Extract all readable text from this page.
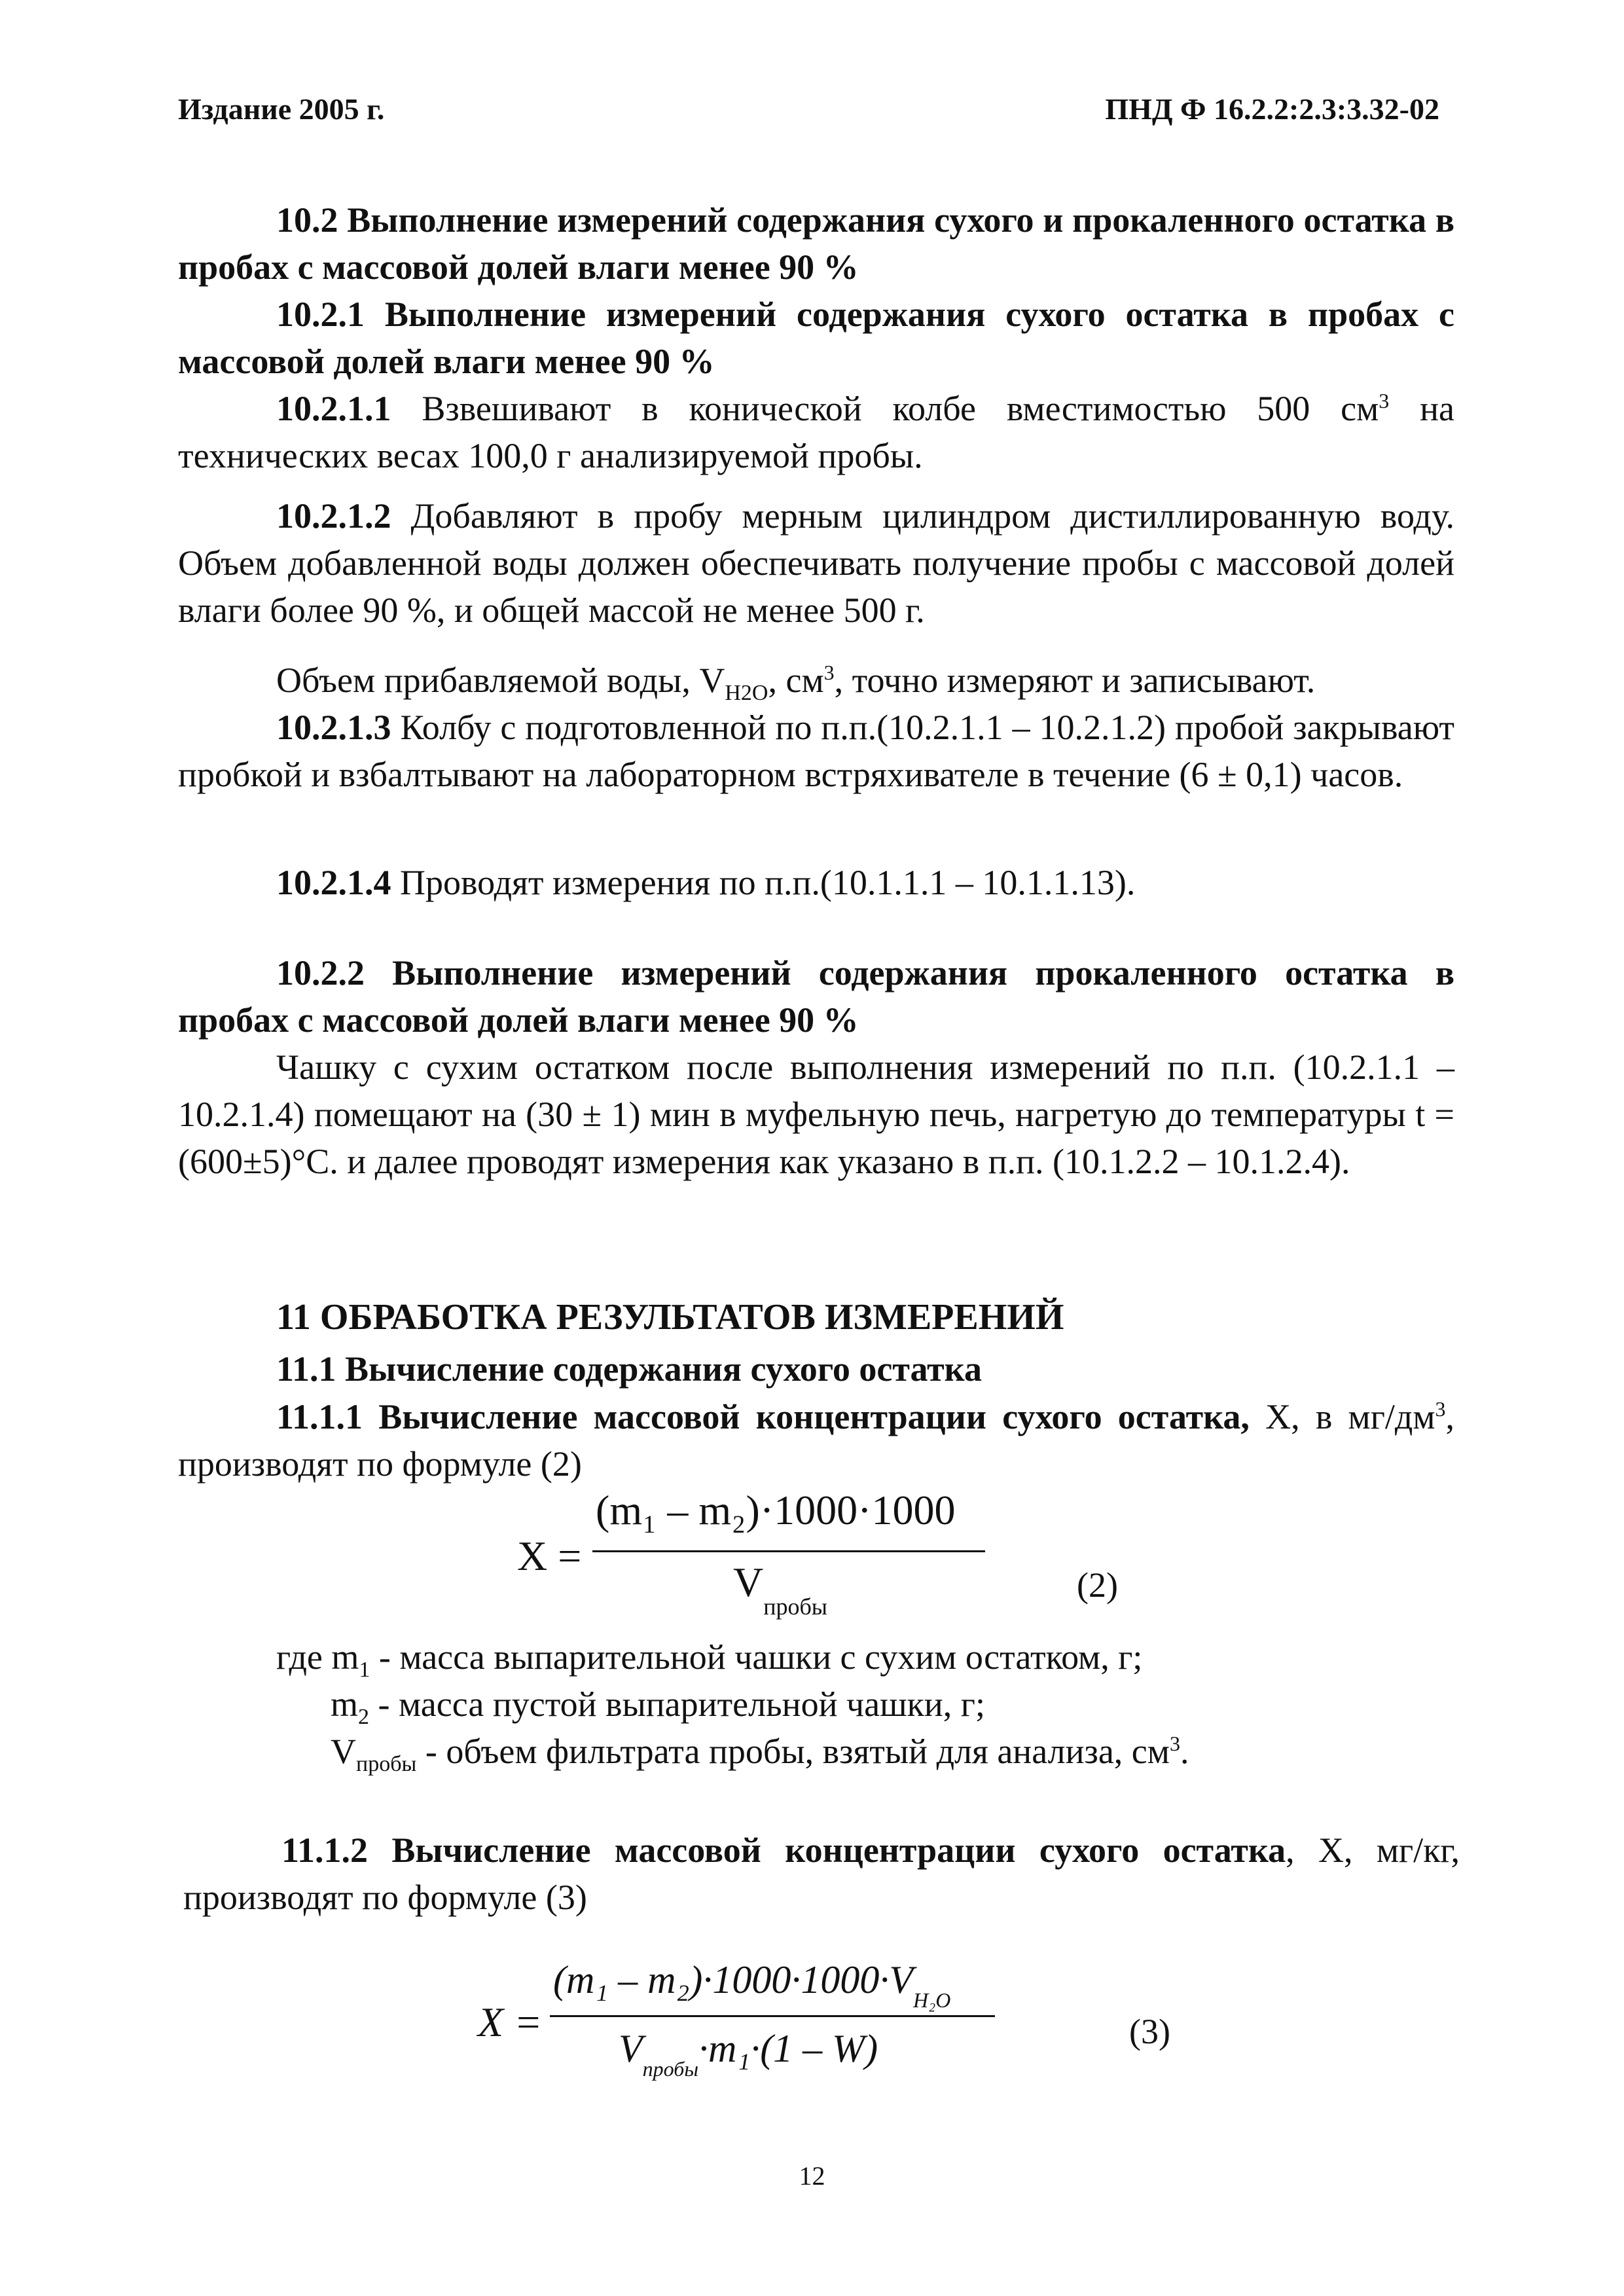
Издание 2005 г.	ПНД Ф 16.2.2:2.3:3.32-02
10.2 Выполнение измерений содержания сухого и прокаленного остатка в пробах с массовой долей влаги менее 90 %
10.2.1 Выполнение измерений содержания сухого остатка в пробах с массовой долей влаги менее 90 %
10.2.1.1 Взвешивают в конической колбе вместимостью 500 $см^3$ на технических весах 100,0 г анализируемой пробы.
10.2.1.2 Добавляют в пробу мерным цилиндром дистиллированную воду. Объем добавленной воды должен обеспечивать получение пробы с массовой долей влаги более 90 %, и общей массой не менее 500 г.
Объем прибавляемой воды, $V_{H2O}$, $см^3$, точно измеряют и записывают.
10.2.1.3 Колбу с подготовленной по п.п.(10.2.1.1 – 10.2.1.2) пробой закрывают пробкой и взбалтывают на лабораторном встряхивателе в течение (6 ± 0,1) часов.
10.2.1.4 Проводят измерения по п.п.(10.1.1.1 – 10.1.1.13).
10.2.2 Выполнение измерений содержания прокаленного остатка в пробах с массовой долей влаги менее 90 %
Чашку с сухим остатком после выполнения измерений по п.п. (10.2.1.1 – 10.2.1.4) помещают на (30 ± 1) мин в муфельную печь, нагретую до температуры t =(600±5)°С. и далее проводят измерения как указано в п.п. (10.1.2.2 – 10.1.2.4).
11 ОБРАБОТКА РЕЗУЛЬТАТОВ ИЗМЕРЕНИЙ
11.1 Вычисление содержания сухого остатка
11.1.1 Вычисление массовой концентрации сухого остатка, X, в $мг/дм^3$, производят по формуле (2)
X =
(m₁ – m₂)·1000·1000
$V_{пробы}$
(2)
где $m_1$ - масса выпарительной чашки с сухим остатком, г;
$m_2$ - масса пустой выпарительной чашки, г;
$V_{пробы}$ - объем фильтрата пробы, взятый для анализа, $см^3$.
11.1.2 Вычисление массовой концентрации сухого остатка, X, мг/кг, производят по формуле (3)
X =
$(m_1 - m_2)\cdot 1000\cdot 1000\cdot V_{H_2O}$
$V_{пробы}\cdot m_1\cdot(1 - W)$	(3)
12
